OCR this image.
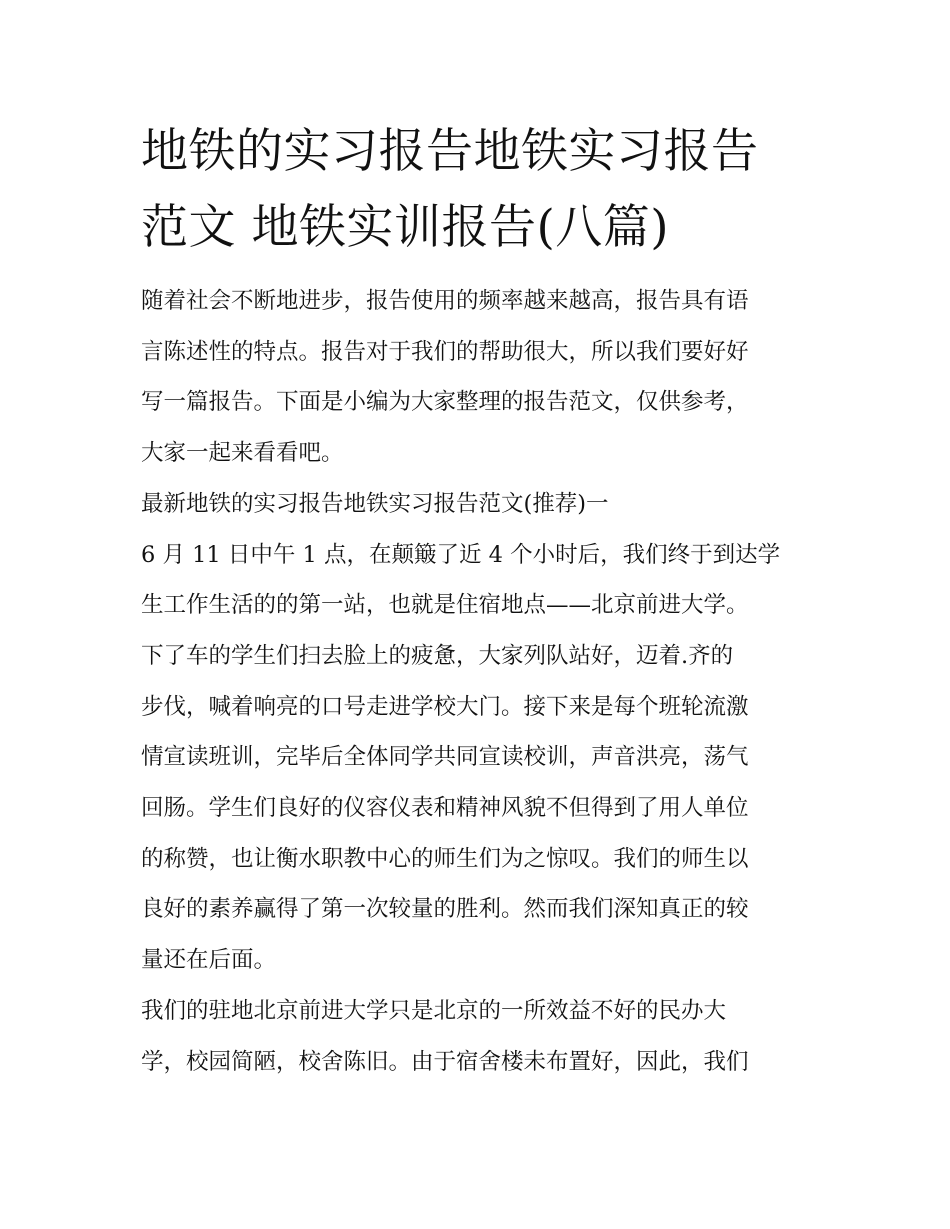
地铁的实习报告地铁实习报告
范文 地铁实训报告(八篇)

随着社会不断地进步，报告使用的频率越来越高，报告具有语
言陈述性的特点。报告对于我们的帮助很大，所以我们要好好
写一篇报告。下面是小编为大家整理的报告范文，仅供参考，
大家一起来看看吧。

最新地铁的实习报告地铁实习报告范文(推荐)一

6 月 11 日中午 1 点，在颠簸了近 4 个小时后，我们终于到达学
生工作生活的的第一站，也就是住宿地点——北京前进大学。
下了车的学生们扫去脸上的疲惫，大家列队站好，迈着.齐的
步伐，喊着响亮的口号走进学校大门。接下来是每个班轮流激
情宣读班训，完毕后全体同学共同宣读校训，声音洪亮，荡气
回肠。学生们良好的仪容仪表和精神风貌不但得到了用人单位
的称赞，也让衡水职教中心的师生们为之惊叹。我们的师生以
良好的素养赢得了第一次较量的胜利。然而我们深知真正的较
量还在后面。

我们的驻地北京前进大学只是北京的一所效益不好的民办大
学，校园简陋，校舍陈旧。由于宿舍楼未布置好，因此，我们
